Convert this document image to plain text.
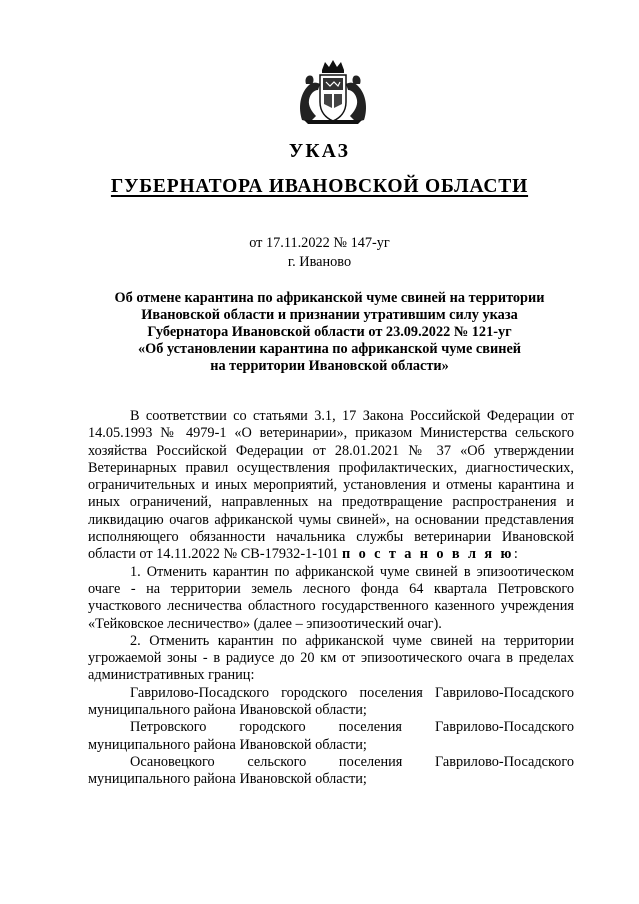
УКАЗ
ГУБЕРНАТОРА ИВАНОВСКОЙ ОБЛАСТИ
от 17.11.2022 № 147-уг
г. Иваново
Об отмене карантина по африканской чуме свиней на территории
Ивановской области и признании утратившим силу указа
Губернатора Ивановской области от 23.09.2022 № 121-уг
«Об установлении карантина по африканской чуме свиней
на территории Ивановской области»

В соответствии со статьями 3.1, 17 Закона Российской Федерации от 14.05.1993 № 4979-1 «О ветеринарии», приказом Министерства сельского хозяйства Российской Федерации от 28.01.2021 № 37 «Об утверждении Ветеринарных правил осуществления профилактических, диагностических, ограничительных и иных мероприятий, установления и отмены карантина и иных ограничений, направленных на предотвращение распространения и ликвидацию очагов африканской чумы свиней», на основании представления исполняющего обязанности начальника службы ветеринарии Ивановской области от 14.11.2022 № СВ-17932-1-101 п о с т а н о в л я ю:

1. Отменить карантин по африканской чуме свиней в эпизоотическом очаге - на территории земель лесного фонда 64 квартала Петровского участкового лесничества областного государственного казенного учреждения «Тейковское лесничество» (далее – эпизоотический очаг).

2. Отменить карантин по африканской чуме свиней на территории угрожаемой зоны - в радиусе до 20 км от эпизоотического очага в пределах административных границ:

Гаврилово-Посадского городского поселения Гаврилово-Посадского муниципального района Ивановской области;

Петровского городского поселения Гаврилово-Посадского муниципального района Ивановской области;

Осановецкого сельского поселения Гаврилово-Посадского муниципального района Ивановской области;
